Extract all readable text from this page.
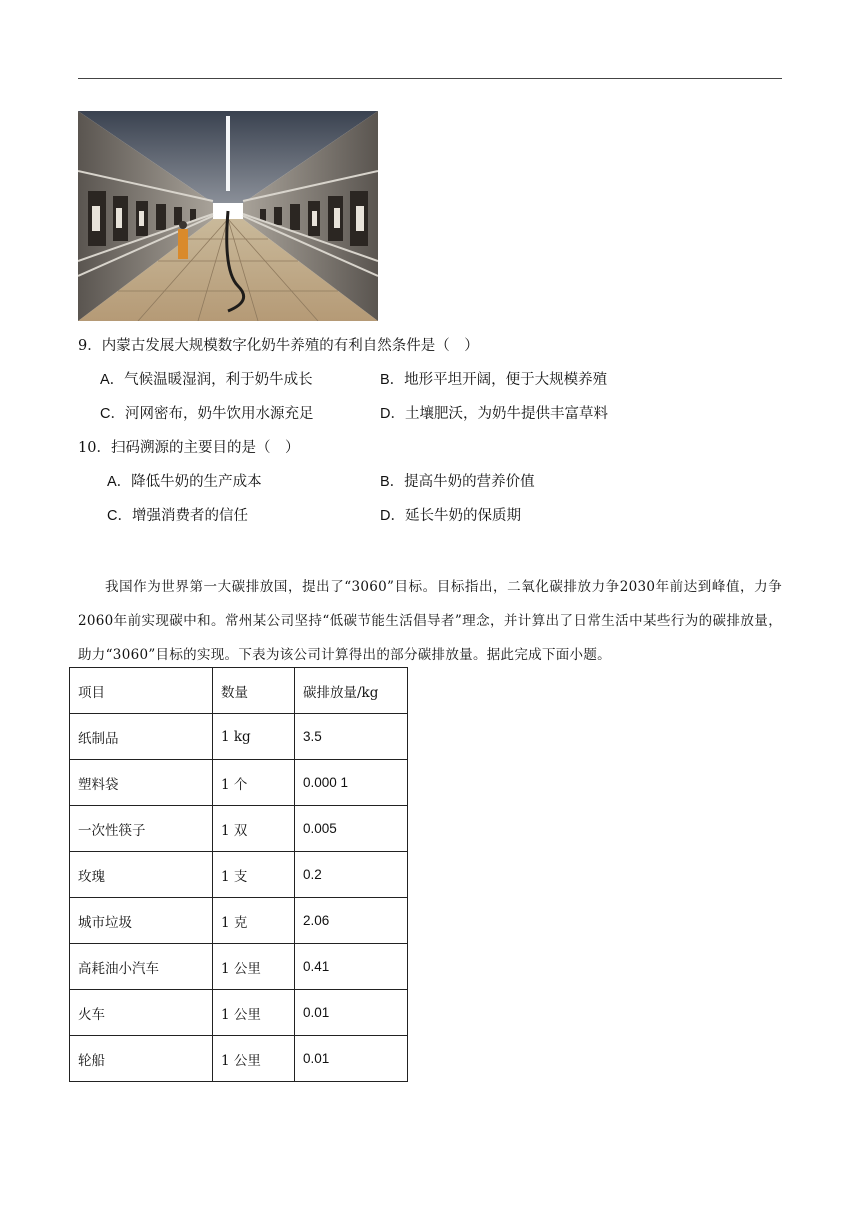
9．内蒙古发展大规模数字化奶牛养殖的有利自然条件是（　）
A．气候温暖湿润，利于奶牛成长	B．地形平坦开阔，便于大规模养殖
C．河网密布，奶牛饮用水源充足	D．土壤肥沃，为奶牛提供丰富草料
10．扫码溯源的主要目的是（　）
A．降低牛奶的生产成本	B．提高牛奶的营养价值
C．增强消费者的信任	D．延长牛奶的保质期
我国作为世界第一大碳排放国，提出了“3060”目标。目标指出，二氧化碳排放力争2030年前达到峰值，力争2060年前实现碳中和。常州某公司坚持“低碳节能生活倡导者”理念，并计算出了日常生活中某些行为的碳排放量，助力“3060”目标的实现。下表为该公司计算得出的部分碳排放量。据此完成下面小题。
项目	数量	碳排放量/kg
纸制品	1 kg	3.5
塑料袋	1 个	0.000 1
一次性筷子	1 双	0.005
玫瑰	1 支	0.2
城市垃圾	1 克	2.06
高耗油小汽车	1 公里	0.41
火车	1 公里	0.01
轮船	1 公里	0.01
